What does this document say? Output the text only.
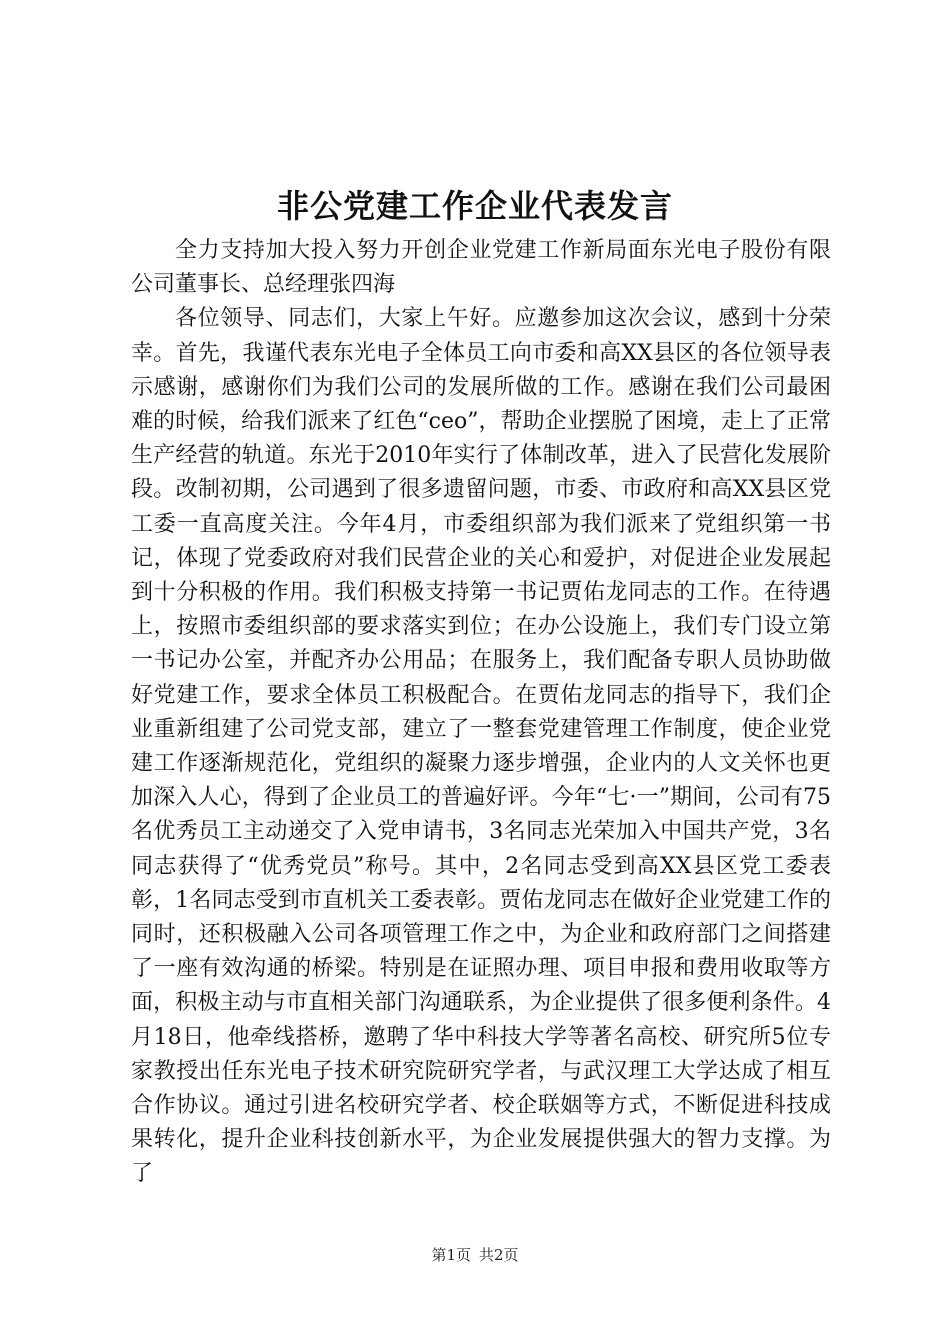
非公党建工作企业代表发言

全力支持加大投入努力开创企业党建工作新局面东光电子股份有限公司董事长、总经理张四海

各位领导、同志们，大家上午好。应邀参加这次会议，感到十分荣幸。首先，我谨代表东光电子全体员工向市委和高XX县区的各位领导表示感谢，感谢你们为我们公司的发展所做的工作。感谢在我们公司最困难的时候，给我们派来了红色“ceo”，帮助企业摆脱了困境，走上了正常生产经营的轨道。东光于2010年实行了体制改革，进入了民营化发展阶段。改制初期，公司遇到了很多遗留问题，市委、市政府和高XX县区党工委一直高度关注。今年4月，市委组织部为我们派来了党组织第一书记，体现了党委政府对我们民营企业的关心和爱护，对促进企业发展起到十分积极的作用。我们积极支持第一书记贾佑龙同志的工作。在待遇上，按照市委组织部的要求落实到位；在办公设施上，我们专门设立第一书记办公室，并配齐办公用品；在服务上，我们配备专职人员协助做好党建工作，要求全体员工积极配合。在贾佑龙同志的指导下，我们企业重新组建了公司党支部，建立了一整套党建管理工作制度，使企业党建工作逐渐规范化，党组织的凝聚力逐步增强，企业内的人文关怀也更加深入人心，得到了企业员工的普遍好评。今年“七·一”期间，公司有75名优秀员工主动递交了入党申请书，3名同志光荣加入中国共产党，3名同志获得了“优秀党员”称号。其中，2名同志受到高XX县区党工委表彰，1名同志受到市直机关工委表彰。贾佑龙同志在做好企业党建工作的同时，还积极融入公司各项管理工作之中，为企业和政府部门之间搭建了一座有效沟通的桥梁。特别是在证照办理、项目申报和费用收取等方面，积极主动与市直相关部门沟通联系，为企业提供了很多便利条件。4月18日，他牵线搭桥，邀聘了华中科技大学等著名高校、研究所5位专家教授出任东光电子技术研究院研究学者，与武汉理工大学达成了相互合作协议。通过引进名校研究学者、校企联姻等方式，不断促进科技成果转化，提升企业科技创新水平，为企业发展提供强大的智力支撑。为了

第1页 共2页
